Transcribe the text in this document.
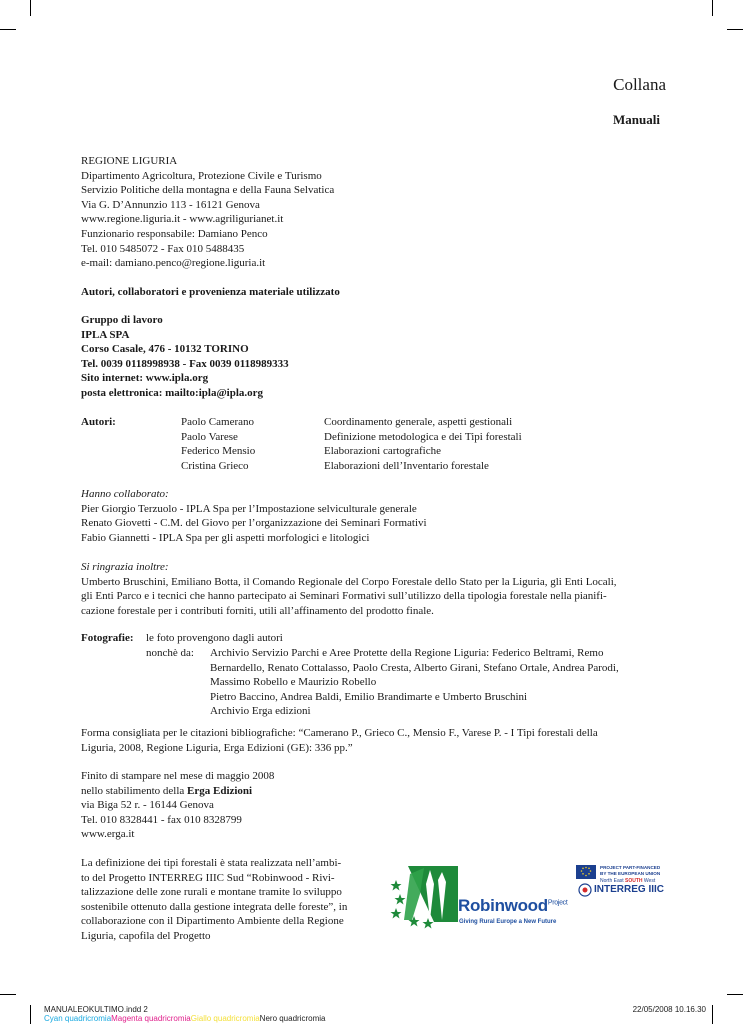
Collana
Manuali
REGIONE LIGURIA
Dipartimento Agricoltura, Protezione Civile e Turismo
Servizio Politiche della montagna e della Fauna Selvatica
Via G. D’Annunzio 113 - 16121 Genova
www.regione.liguria.it - www.agriligurianet.it
Funzionario responsabile: Damiano Penco
Tel. 010 5485072 - Fax 010 5488435
e-mail: damiano.penco@regione.liguria.it
Autori, collaboratori e provenienza materiale utilizzato
Gruppo di lavoro
IPLA SPA
Corso Casale, 476 - 10132 TORINO
Tel. 0039 0118998938 - Fax 0039 0118989333
Sito internet: www.ipla.org
posta elettronica: mailto:ipla@ipla.org
Autori:	Paolo Camerano
Paolo Varese
Federico Mensio
Cristina Grieco
Coordinamento generale, aspetti gestionali
Definizione metodologica e dei Tipi forestali
Elaborazioni cartografiche
Elaborazioni dell’Inventario forestale
Hanno collaborato:
Pier Giorgio Terzuolo - IPLA Spa per l’Impostazione selviculturale generale
Renato Giovetti - C.M. del Giovo per l’organizzazione dei Seminari Formativi
Fabio Giannetti - IPLA Spa per gli aspetti morfologici e litologici
Si ringrazia inoltre:
Umberto Bruschini, Emiliano Botta, il Comando Regionale del Corpo Forestale dello Stato per la Liguria, gli Enti Locali,
gli Enti Parco e i tecnici che hanno partecipato ai Seminari Formativi sull’utilizzo della tipologia forestale nella pianifi-
cazione forestale per i contributi forniti, utili all’affinamento del prodotto finale.
Fotografie: le foto provengono dagli autori
nonchè da: Archivio Servizio Parchi e Aree Protette della Regione Liguria: Federico Beltrami, Remo
Bernardello, Renato Cottalasso, Paolo Cresta, Alberto Girani, Stefano Ortale, Andrea Parodi,
Massimo Robello e Maurizio Robello
Pietro Baccino, Andrea Baldi, Emilio Brandimarte e Umberto Bruschini
Archivio Erga edizioni
Forma consigliata per le citazioni bibliografiche: “Camerano P., Grieco C., Mensio F., Varese P. - I Tipi forestali della
Liguria, 2008, Regione Liguria, Erga Edizioni (GE): 336 pp.”
Finito di stampare nel mese di maggio 2008
nello stabilimento della Erga Edizioni
via Biga 52 r. - 16144 Genova
Tel. 010 8328441 - fax 010 8328799
www.erga.it
La definizione dei tipi forestali è stata realizzata nell’ambi-
to del Progetto INTERREG IIIC Sud “Robinwood - Rivi-
talizzazione delle zone rurali e montane tramite lo sviluppo
sostenibile ottenuto dalla gestione integrata delle foreste”, in
collaborazione con il Dipartimento Ambiente della Regione
Liguria, capofila del Progetto
Robinwood$^{Project}$
Giving Rural Europe a New Future
PROJECT PART-FINANCED
BY THE EUROPEAN UNION
North East SOUTH West
INTERREG IIIC
MANUALEOKULTIMO.indd 2	22/05/2008 10.16.30
Cyan quadricromiaMagenta quadricromiaGiallo quadricromiaNero quadricromia
